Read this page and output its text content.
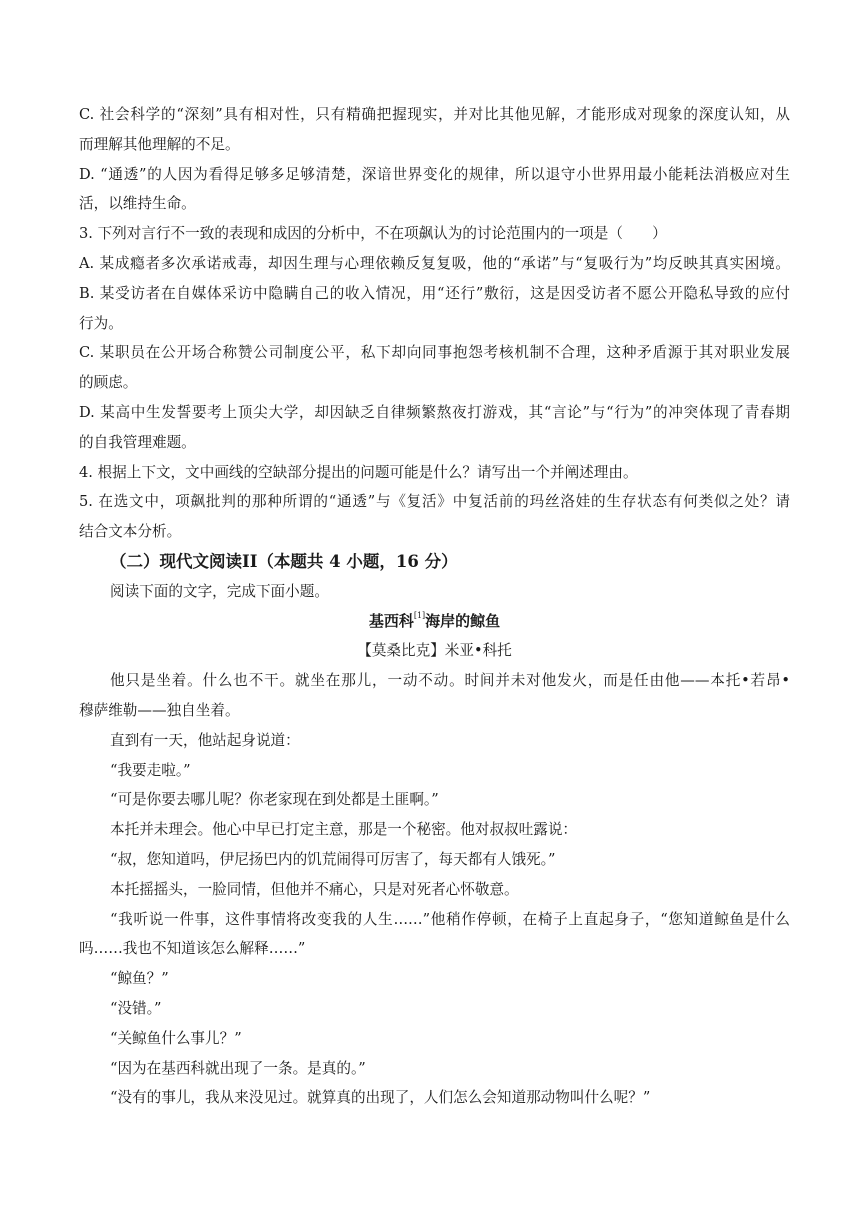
C. 社会科学的“深刻”具有相对性，只有精确把握现实，并对比其他见解，才能形成对现象的深度认知，从
而理解其他理解的不足。
D. “通透”的人因为看得足够多足够清楚，深谙世界变化的规律，所以退守小世界用最小能耗法消极应对生
活，以维持生命。
3. 下列对言行不一致的表现和成因的分析中，不在项飙认为的讨论范围内的一项是（　　）
A. 某成瘾者多次承诺戒毒，却因生理与心理依赖反复复吸，他的“承诺”与“复吸行为”均反映其真实困境。
B. 某受访者在自媒体采访中隐瞒自己的收入情况，用“还行”敷衍，这是因受访者不愿公开隐私导致的应付
行为。
C. 某职员在公开场合称赞公司制度公平，私下却向同事抱怨考核机制不合理，这种矛盾源于其对职业发展
的顾虑。
D. 某高中生发誓要考上顶尖大学，却因缺乏自律频繁熬夜打游戏，其“言论”与“行为”的冲突体现了青春期
的自我管理难题。
4. 根据上下文，文中画线的空缺部分提出的问题可能是什么？请写出一个并阐述理由。
5. 在选文中，项飙批判的那种所谓的“通透”与《复活》中复活前的玛丝洛娃的生存状态有何类似之处？请
结合文本分析。
（二）现代文阅读II（本题共 4 小题，16 分）
阅读下面的文字，完成下面小题。
基西科[1]海岸的鲸鱼
【莫桑比克】米亚•科托
他只是坐着。什么也不干。就坐在那儿，一动不动。时间并未对他发火，而是任由他——本托•若昂•
穆萨维勒——独自坐着。
直到有一天，他站起身说道：
“我要走啦。”
“可是你要去哪儿呢？你老家现在到处都是土匪啊。”
本托并未理会。他心中早已打定主意，那是一个秘密。他对叔叔吐露说：
“叔，您知道吗，伊尼扬巴内的饥荒闹得可厉害了，每天都有人饿死。”
本托摇摇头，一脸同情，但他并不痛心，只是对死者心怀敬意。
“我听说一件事，这件事情将改变我的人生……”他稍作停顿，在椅子上直起身子，“您知道鲸鱼是什么
吗……我也不知道该怎么解释……”
“鲸鱼？”
“没错。”
“关鲸鱼什么事儿？”
“因为在基西科就出现了一条。是真的。”
“没有的事儿，我从来没见过。就算真的出现了，人们怎么会知道那动物叫什么呢？”
